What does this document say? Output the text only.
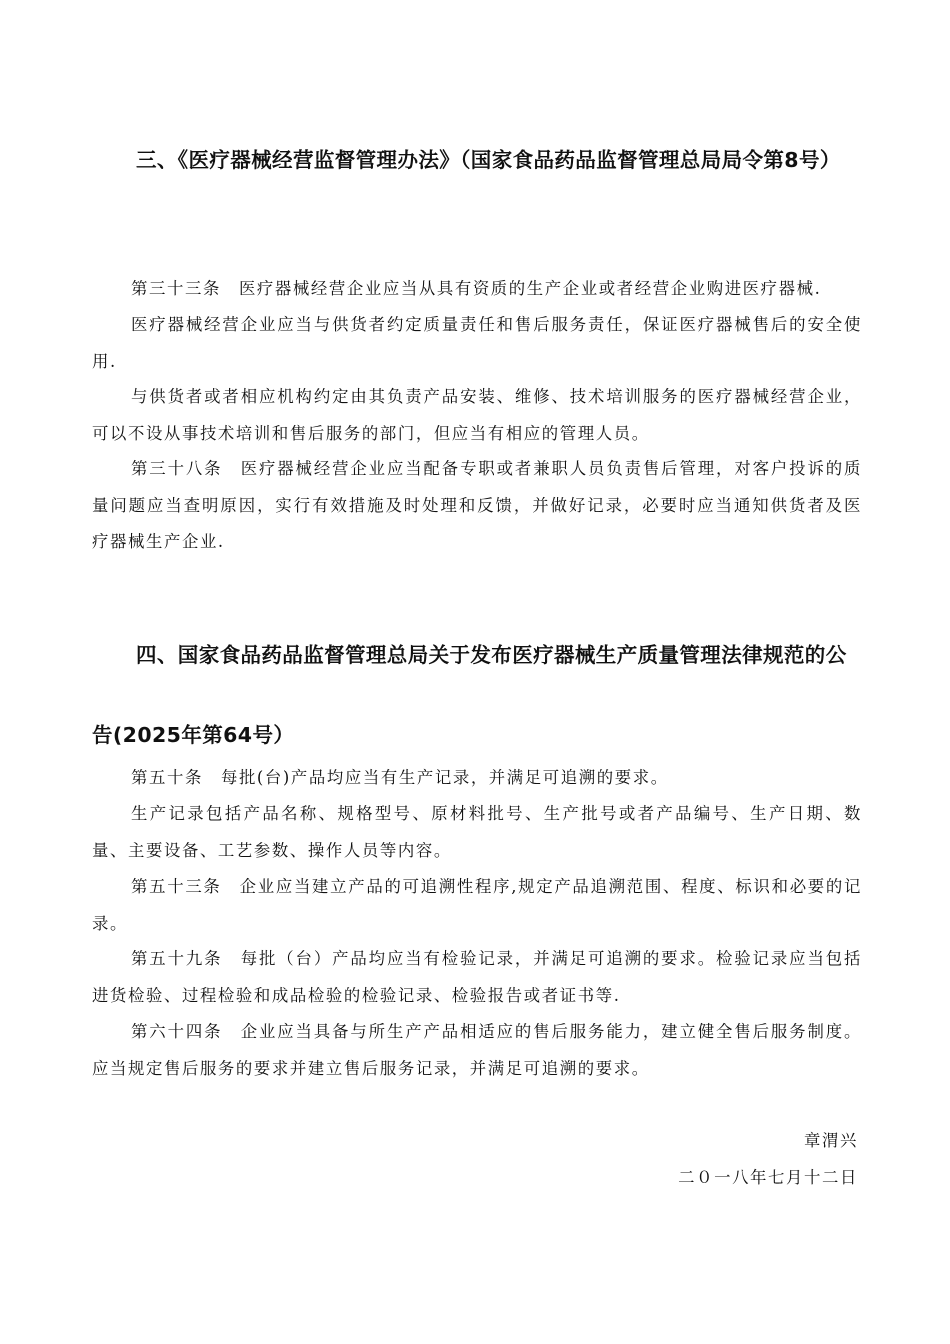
三、《医疗器械经营监督管理办法》（国家食品药品监督管理总局局令第8号）

第三十三条　医疗器械经营企业应当从具有资质的生产企业或者经营企业购进医疗器械.

医疗器械经营企业应当与供货者约定质量责任和售后服务责任，保证医疗器械售后的安全使用.

与供货者或者相应机构约定由其负责产品安装、维修、技术培训服务的医疗器械经营企业，可以不设从事技术培训和售后服务的部门，但应当有相应的管理人员。

第三十八条　医疗器械经营企业应当配备专职或者兼职人员负责售后管理，对客户投诉的质量问题应当查明原因，实行有效措施及时处理和反馈，并做好记录，必要时应当通知供货者及医疗器械生产企业.

四、国家食品药品监督管理总局关于发布医疗器械生产质量管理法律规范的公告(2025年第64号）

第五十条　每批(台)产品均应当有生产记录，并满足可追溯的要求。

生产记录包括产品名称、规格型号、原材料批号、生产批号或者产品编号、生产日期、数量、主要设备、工艺参数、操作人员等内容。

第五十三条　企业应当建立产品的可追溯性程序,规定产品追溯范围、程度、标识和必要的记录。

第五十九条　每批（台）产品均应当有检验记录，并满足可追溯的要求。检验记录应当包括进货检验、过程检验和成品检验的检验记录、检验报告或者证书等.

第六十四条　企业应当具备与所生产产品相适应的售后服务能力，建立健全售后服务制度。应当规定售后服务的要求并建立售后服务记录，并满足可追溯的要求。

章渭兴

二０一八年七月十二日
